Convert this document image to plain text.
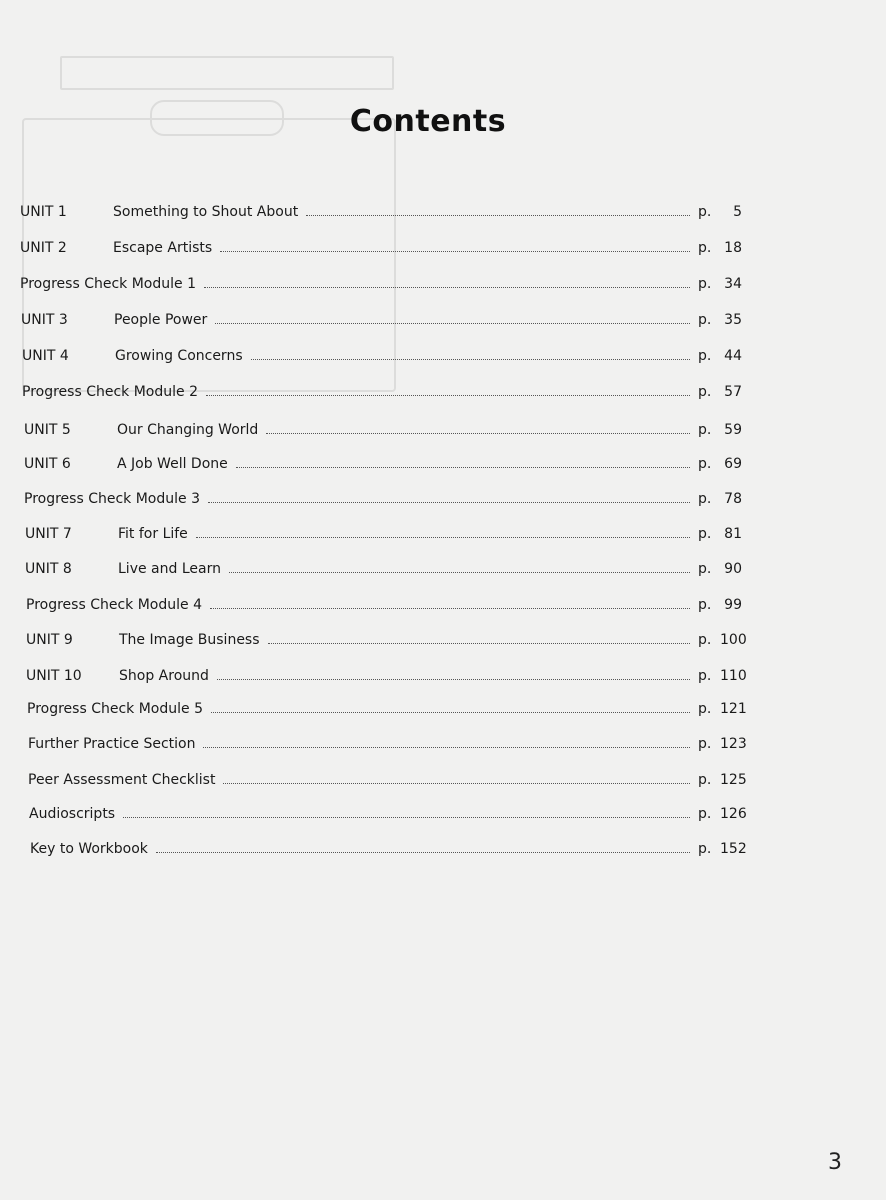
Contents
UNIT 1	Something to Shout About	p. 5
UNIT 2	Escape Artists	p. 18
Progress Check Module 1	p. 34
UNIT 3	People Power	p. 35
UNIT 4	Growing Concerns	p. 44
Progress Check Module 2	p. 57
UNIT 5	Our Changing World	p. 59
UNIT 6	A Job Well Done	p. 69
Progress Check Module 3	p. 78
UNIT 7	Fit for Life	p. 81
UNIT 8	Live and Learn	p. 90
Progress Check Module 4	p. 99
UNIT 9	The Image Business	p. 100
UNIT 10	Shop Around	p. 110
Progress Check Module 5	p. 121
Further Practice Section	p. 123
Peer Assessment Checklist	p. 125
Audioscripts	p. 126
Key to Workbook	p. 152
3
